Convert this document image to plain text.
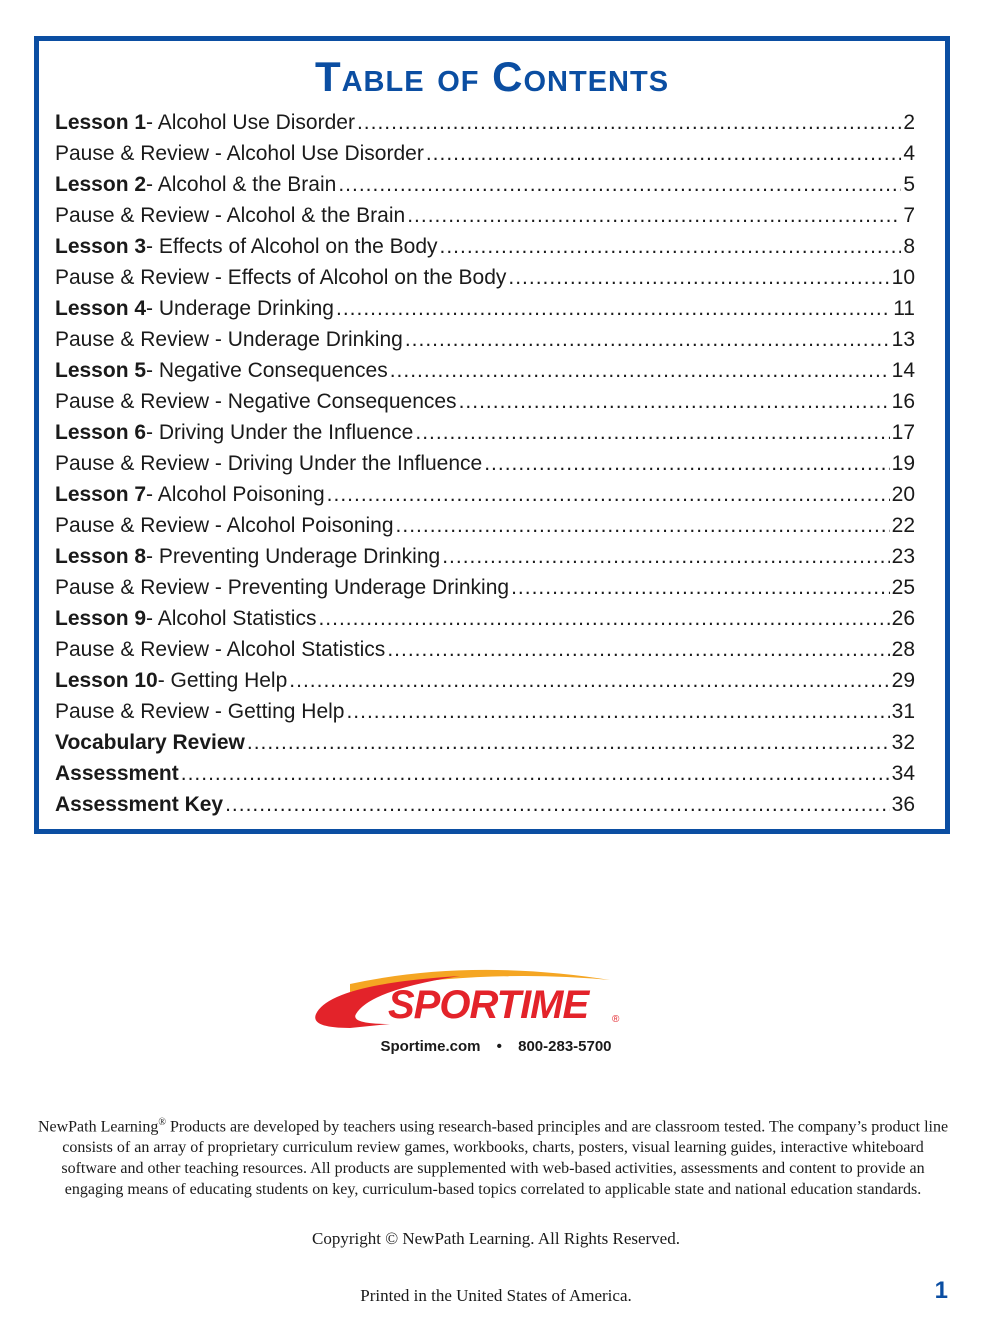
Table of Contents
Lesson 1 - Alcohol Use Disorder .....	2
Pause & Review - Alcohol Use Disorder .....	4
Lesson 2 - Alcohol & the Brain .....	5
Pause & Review - Alcohol & the Brain .....	7
Lesson 3 - Effects of Alcohol on the Body .....	8
Pause & Review - Effects of Alcohol on the Body .....	10
Lesson 4 - Underage Drinking .....	11
Pause & Review - Underage Drinking .....	13
Lesson 5 - Negative Consequences .....	14
Pause & Review - Negative Consequences .....	16
Lesson 6 - Driving Under the Influence .....	17
Pause & Review - Driving Under the Influence .....	19
Lesson 7 - Alcohol Poisoning .....	20
Pause & Review - Alcohol Poisoning .....	22
Lesson 8 - Preventing Underage Drinking .....	23
Pause & Review - Preventing Underage Drinking .....	25
Lesson 9 - Alcohol Statistics .....	26
Pause & Review - Alcohol Statistics .....	28
Lesson 10 - Getting Help .....	29
Pause & Review - Getting Help .....	31
Vocabulary Review .....	32
Assessment .....	34
Assessment Key .....	36
SPORTIME ®
Sportime.com • 800-283-5700
NewPath Learning® Products are developed by teachers using research-based principles and are classroom tested. The company’s product line consists of an array of proprietary curriculum review games, workbooks, charts, posters, visual learning guides, interactive whiteboard software and other teaching resources. All products are supplemented with web-based activities, assessments and content to provide an engaging means of educating students on key, curriculum-based topics correlated to applicable state and national education standards.
Copyright © NewPath Learning. All Rights Reserved.
Printed in the United States of America.	1
